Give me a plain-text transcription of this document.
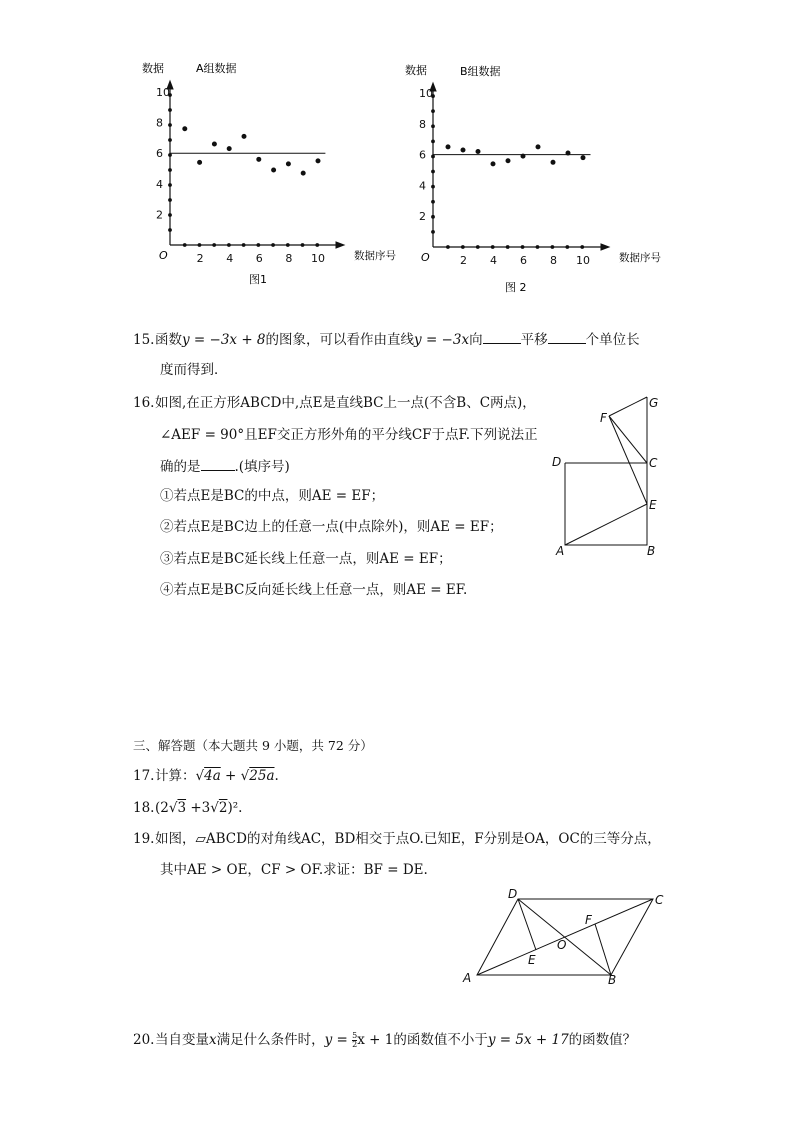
2
4
6
8
10
2 4 6 8 10
数据	A组数据
O	数据序号
图1
2
4
6
8
10
2 4 6 8 10
数据	B组数据
O	数据序号
图 2
15.函数y = −3x + 8的图象，可以看作由直线y = −3x向	平移	个单位长
度而得到．
16.如图,在正方形ABCD中,点E是直线BC上一点(不含B、C两点)，
∠AEF = 90°且EF交正方形外角的平分线CF于点F.下列说法正
确的是	.(填序号)
①若点E是BC的中点，则AE = EF；
②若点E是BC边上的任意一点(中点除外)，则AE = EF；
③若点E是BC延长线上任意一点，则AE = EF；
④若点E是BC反向延长线上任意一点，则AE = EF.
F
G
D	C
E
A	B
三、解答题（本大题共 9 小题，共 72 分）
17.计算：√4a + √25a.
18.(2√3 +3√2)².
19.如图，▱ABCD的对角线AC，BD相交于点O.已知E，F分别是OA，OC的三等分点，
其中AE > OE，CF > OF.求证：BF = DE.
D	C
F
O
E
A	B
20.当自变量x满足什么条件时，$y = \frac{5}{2}$ x + 1的函数值不小于y = 5x + 17的函数值？
